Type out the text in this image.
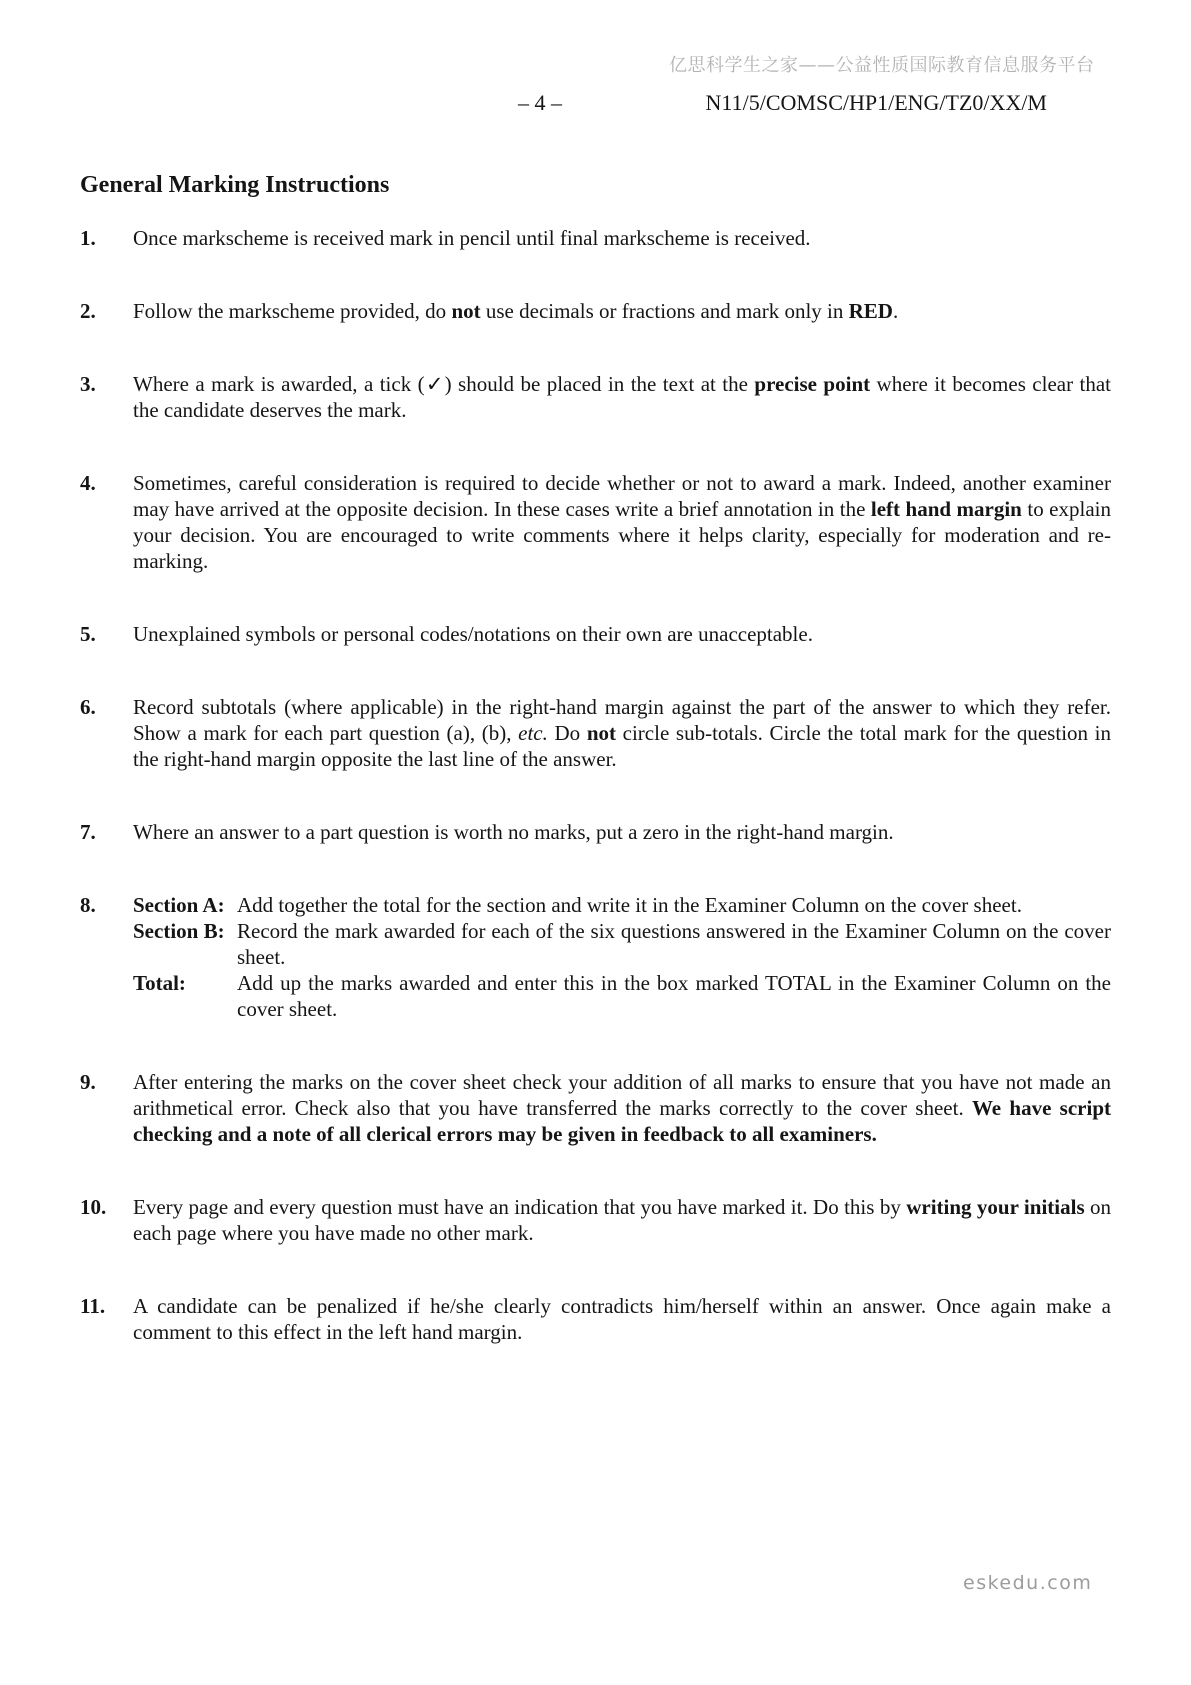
亿思科学生之家——公益性质国际教育信息服务平台
– 4 –	N11/5/COMSC/HP1/ENG/TZ0/XX/M
General Marking Instructions
1.	Once markscheme is received mark in pencil until final markscheme is received.
2.	Follow the markscheme provided, do not use decimals or fractions and mark only in RED.
3.	Where a mark is awarded, a tick (✓) should be placed in the text at the precise point where it becomes clear that the candidate deserves the mark.
4.	Sometimes, careful consideration is required to decide whether or not to award a mark. Indeed, another examiner may have arrived at the opposite decision. In these cases write a brief annotation in the left hand margin to explain your decision. You are encouraged to write comments where it helps clarity, especially for moderation and re-marking.
5.	Unexplained symbols or personal codes/notations on their own are unacceptable.
6.	Record subtotals (where applicable) in the right-hand margin against the part of the answer to which they refer. Show a mark for each part question (a), (b), etc. Do not circle sub-totals. Circle the total mark for the question in the right-hand margin opposite the last line of the answer.
7.	Where an answer to a part question is worth no marks, put a zero in the right-hand margin.
8.	Section A: Add together the total for the section and write it in the Examiner Column on the cover sheet.
Section B: Record the mark awarded for each of the six questions answered in the Examiner Column on the cover sheet.
Total:	Add up the marks awarded and enter this in the box marked TOTAL in the Examiner Column on the cover sheet.
9.	After entering the marks on the cover sheet check your addition of all marks to ensure that you have not made an arithmetical error. Check also that you have transferred the marks correctly to the cover sheet. We have script checking and a note of all clerical errors may be given in feedback to all examiners.
10.	Every page and every question must have an indication that you have marked it. Do this by writing your initials on each page where you have made no other mark.
11.	A candidate can be penalized if he/she clearly contradicts him/herself within an answer. Once again make a comment to this effect in the left hand margin.
eskedu.com
